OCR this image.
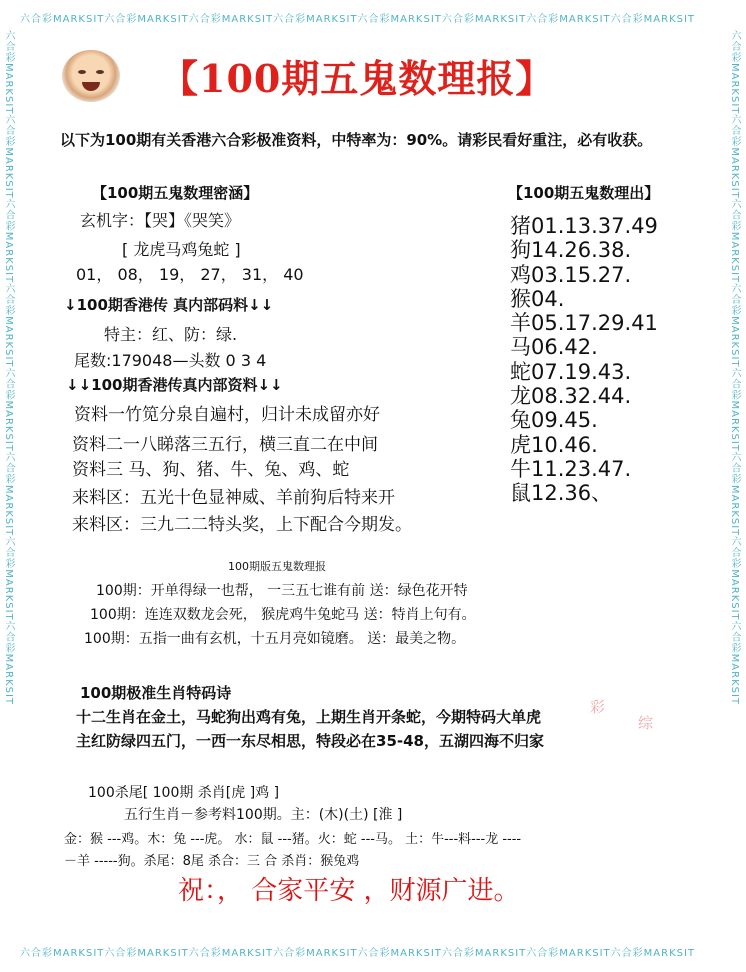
六合彩MARKSIT六合彩MARKSIT六合彩MARKSIT六合彩MARKSIT六合彩MARKSIT六合彩MARKSIT六合彩MARKSIT六合彩MARKSIT
六合彩MARKSIT六合彩MARKSIT六合彩MARKSIT六合彩MARKSIT六合彩MARKSIT六合彩MARKSIT六合彩MARKSIT六合彩MARKSIT
六合彩MARKSIT六合彩MARKSIT六合彩MARKSIT六合彩MARKSIT六合彩MARKSIT六合彩MARKSIT六合彩MARKSIT六合彩MARKSIT	六合彩MARKSIT六合彩MARKSIT六合彩MARKSIT六合彩MARKSIT六合彩MARKSIT六合彩MARKSIT六合彩MARKSIT六合彩MARKSIT
【100期五鬼数理报】
以下为100期有关香港六合彩极准资料，中特率为：90%。请彩民看好重注，必有收获。
【100期五鬼数理密涵】
玄机字：【哭】《哭笑》
[ 龙虎马鸡兔蛇 ]
01， 08， 19， 27， 31， 40
↓100期香港传 真内部码料↓↓
特主：红、防：绿.
尾数:179048—头数 0 3 4
↓↓100期香港传真内部资料↓↓
资料一竹笕分泉自遍村，归计未成留亦好
资料二一八睇落三五行，横三直二在中间
资料三 马、狗、猪、牛、兔、鸡、蛇
来料区：五光十色显神威、羊前狗后特来开
来料区：三九二二特头奖，上下配合今期发。
【100期五鬼数理出】
猪01.13.37.49
狗14.26.38.
鸡03.15.27.
猴04.
羊05.17.29.41
马06.42.
蛇07.19.43.
龙08.32.44.
兔09.45.
虎10.46.
牛11.23.47.
鼠12.36、
100期版五鬼数理报
100期：开单得绿一也帮， 一三五七谁有前 送：绿色花开特
100期：连连双数龙会死， 猴虎鸡牛兔蛇马 送：特肖上句有。
100期：五指一曲有玄机，十五月亮如镜磨。 送：最美之物。
100期极准生肖特码诗
十二生肖在金土，马蛇狗出鸡有兔，上期生肖开条蛇，今期特码大单虎
主红防绿四五门，一西一东尽相思，特段必在35-48，五湖四海不归家
彩
综
100杀尾[ 100期 杀肖[虎 ]鸡 ]
五行生肖－参考料100期。主：(木)(土) [淮 ]
金：猴 ---鸡。木：兔 ---虎。 水：鼠 ---猪。火：蛇 ---马。 土：牛---料---龙 ----
－羊 -----狗。杀尾：8尾 杀合：三 合 杀肖：猴兔鸡
祝：， 合家平安 ，财源广进。
